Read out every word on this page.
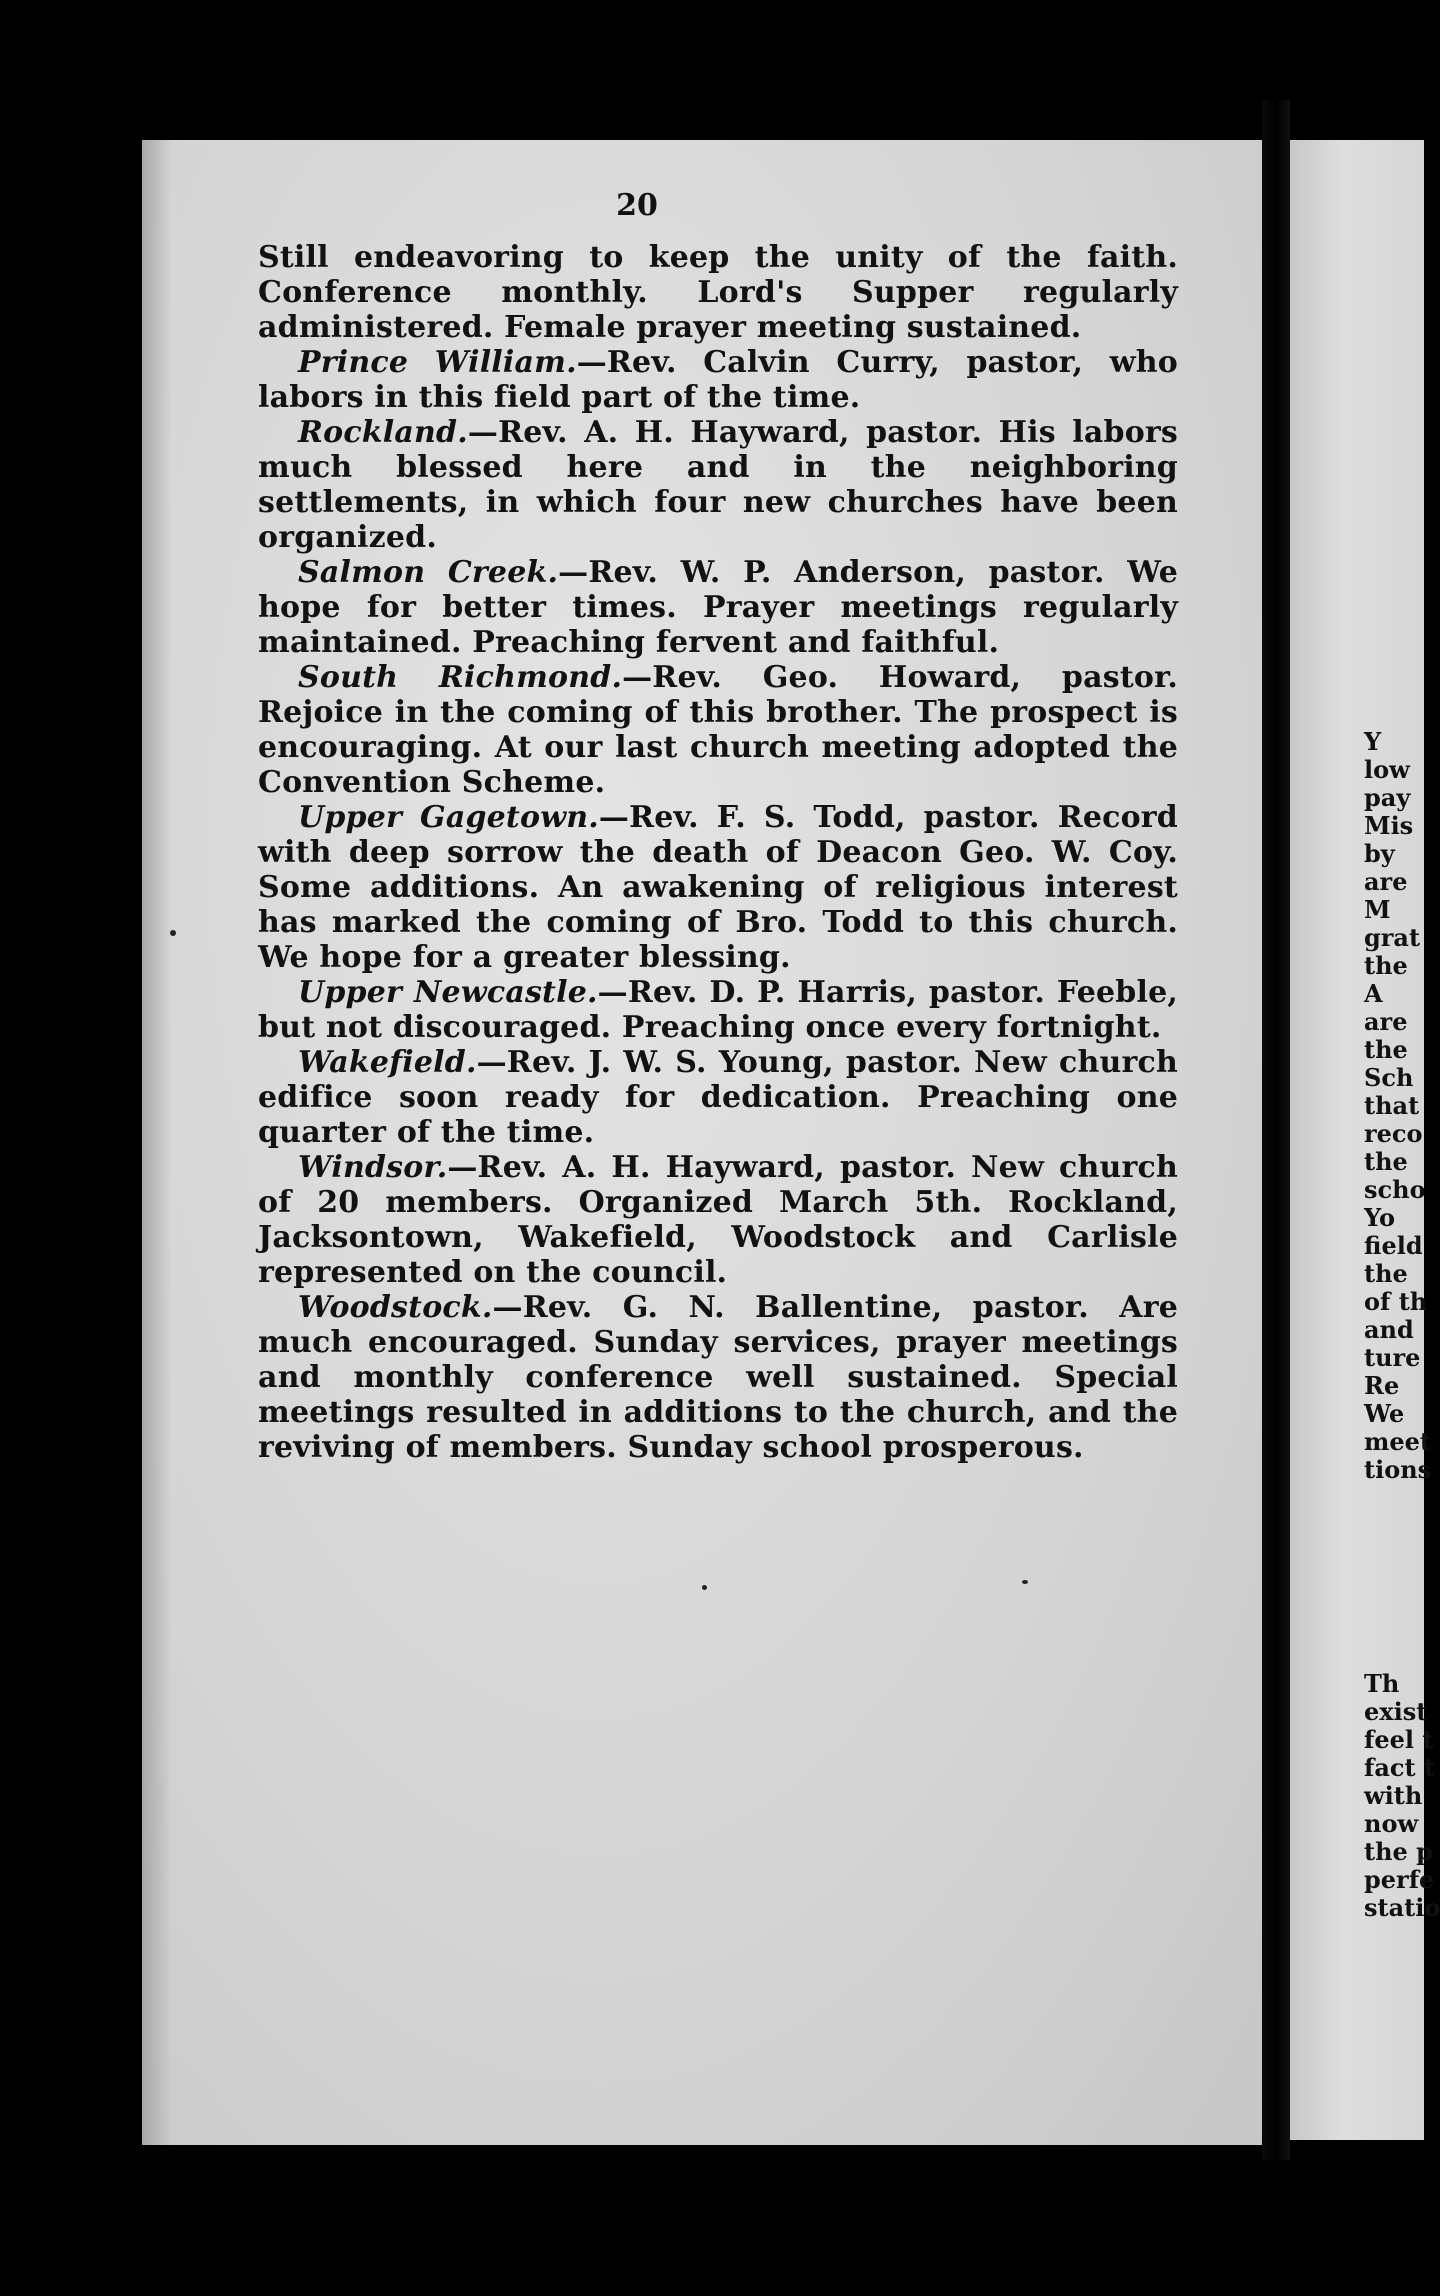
20

Still endeavoring to keep the unity of the faith. Conference monthly. Lord's Supper regularly administered. Female prayer meeting sustained.

Prince William.—Rev. Calvin Curry, pastor, who labors in this field part of the time.

Rockland.—Rev. A. H. Hayward, pastor. His labors much blessed here and in the neighboring settlements, in which four new churches have been organized.

Salmon Creek.—Rev. W. P. Anderson, pastor. We hope for better times. Prayer meetings regularly maintained. Preaching fervent and faithful.

South Richmond.—Rev. Geo. Howard, pastor. Rejoice in the coming of this brother. The prospect is encouraging. At our last church meeting adopted the Convention Scheme.

Upper Gagetown.—Rev. F. S. Todd, pastor. Record with deep sorrow the death of Deacon Geo. W. Coy. Some additions. An awakening of religious interest has marked the coming of Bro. Todd to this church. We hope for a greater blessing.

Upper Newcastle.—Rev. D. P. Harris, pastor. Feeble, but not discouraged. Preaching once every fortnight.

Wakefield.—Rev. J. W. S. Young, pastor. New church edifice soon ready for dedication. Preaching one quarter of the time.

Windsor.—Rev. A. H. Hayward, pastor. New church of 20 members. Organized March 5th. Rockland, Jacksontown, Wakefield, Woodstock and Carlisle represented on the council.

Woodstock.—Rev. G. N. Ballentine, pastor. Are much encouraged. Sunday services, prayer meetings and monthly conference well sustained. Special meetings resulted in additions to the church, and the reviving of members. Sunday school prosperous.

Y
low
pay
Mis
by
are
M
grat
the
A
are
the
Sch
that
reco
the
scho
Yo
field
the
of th
and
ture
Re
We
meet
tions
Th
exist
feel t
fact t
with
now
the p
perfe
statio
